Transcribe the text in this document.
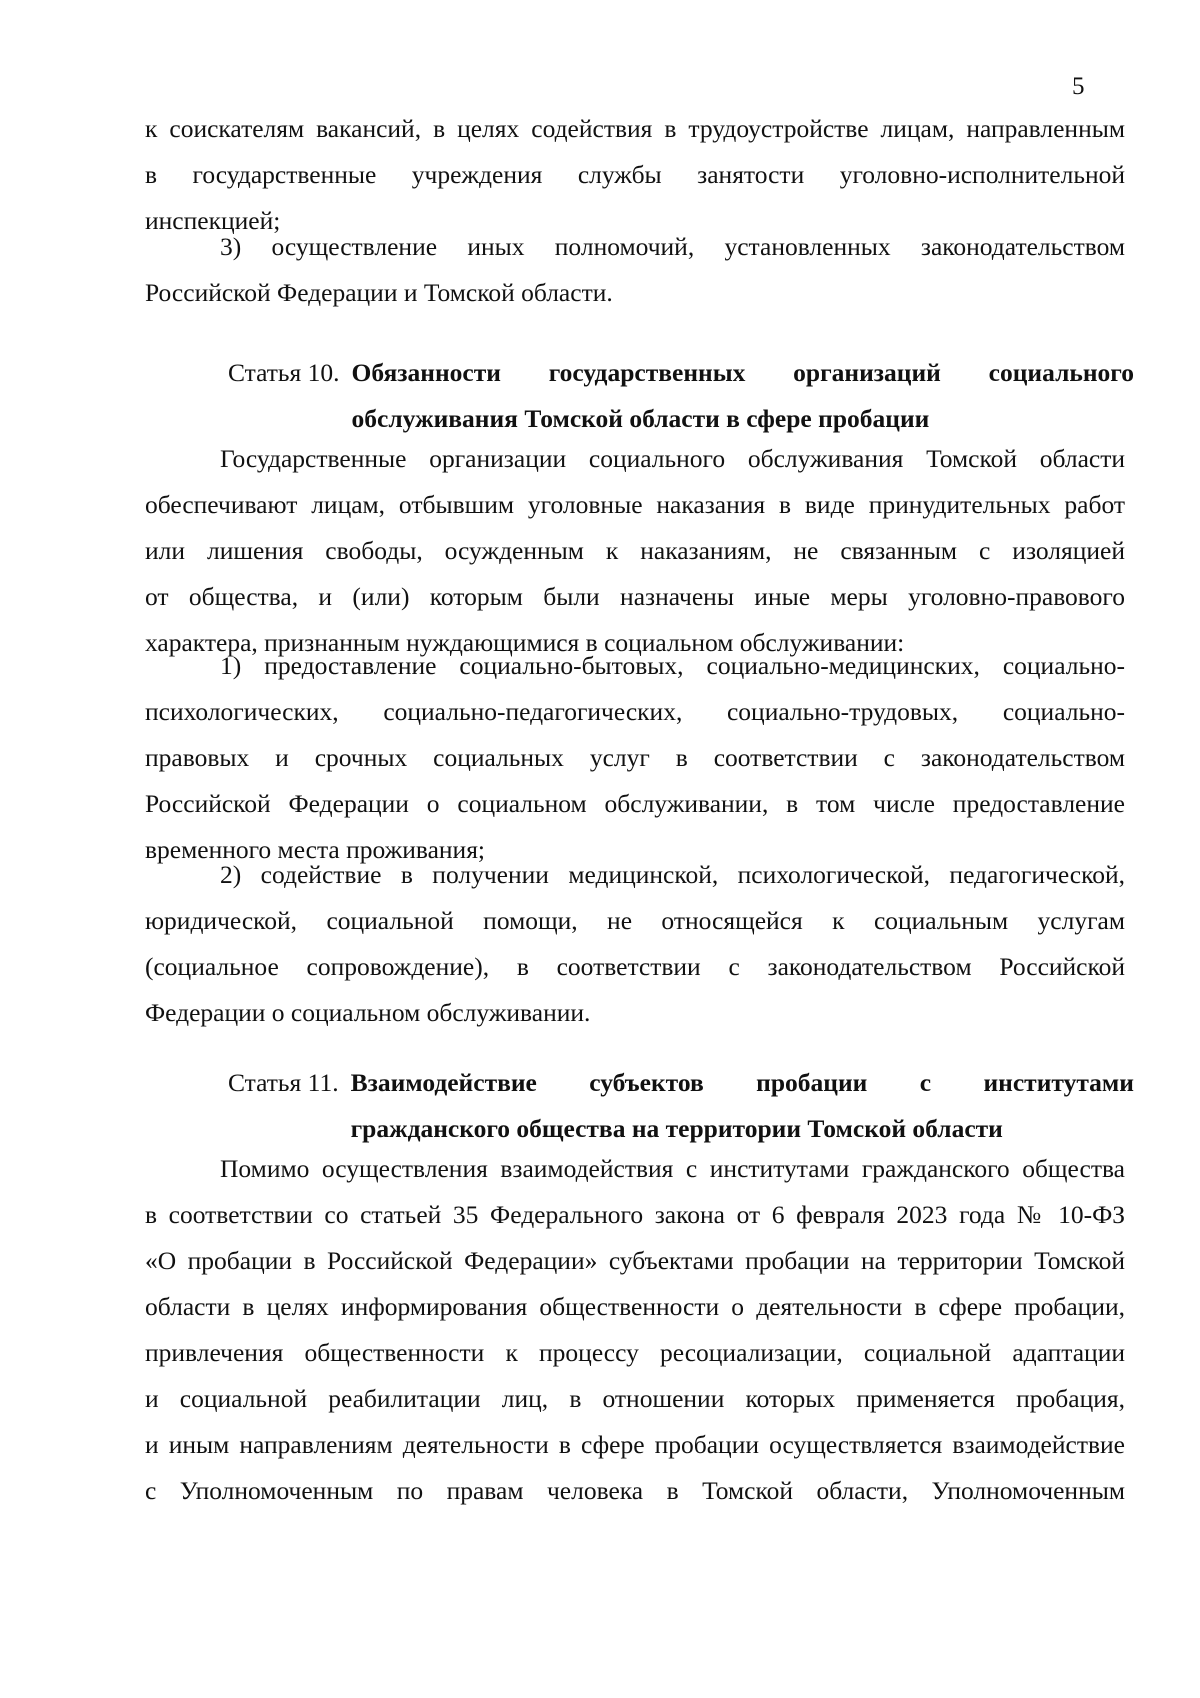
5
к соискателям вакансий, в целях содействия в трудоустройстве лицам, направленным
в государственные учреждения службы занятости уголовно-исполнительной
инспекцией;
3) осуществление иных полномочий, установленных законодательством
Российской Федерации и Томской области.
Статья 10. Обязанности государственных организаций социального
обслуживания Томской области в сфере пробации
Государственные организации социального обслуживания Томской области
обеспечивают лицам, отбывшим уголовные наказания в виде принудительных работ
или лишения свободы, осужденным к наказаниям, не связанным с изоляцией
от общества, и (или) которым были назначены иные меры уголовно-правового
характера, признанным нуждающимися в социальном обслуживании:
1) предоставление социально-бытовых, социально-медицинских, социально-
психологических, социально-педагогических, социально-трудовых, социально-
правовых и срочных социальных услуг в соответствии с законодательством
Российской Федерации о социальном обслуживании, в том числе предоставление
временного места проживания;
2) содействие в получении медицинской, психологической, педагогической,
юридической, социальной помощи, не относящейся к социальным услугам
(социальное сопровождение), в соответствии с законодательством Российской
Федерации о социальном обслуживании.
Статья 11. Взаимодействие субъектов пробации с институтами
гражданского общества на территории Томской области
Помимо осуществления взаимодействия с институтами гражданского общества
в соответствии со статьей 35 Федерального закона от 6 февраля 2023 года № 10-ФЗ
«О пробации в Российской Федерации» субъектами пробации на территории Томской
области в целях информирования общественности о деятельности в сфере пробации,
привлечения общественности к процессу ресоциализации, социальной адаптации
и социальной реабилитации лиц, в отношении которых применяется пробация,
и иным направлениям деятельности в сфере пробации осуществляется взаимодействие
с Уполномоченным по правам человека в Томской области, Уполномоченным
